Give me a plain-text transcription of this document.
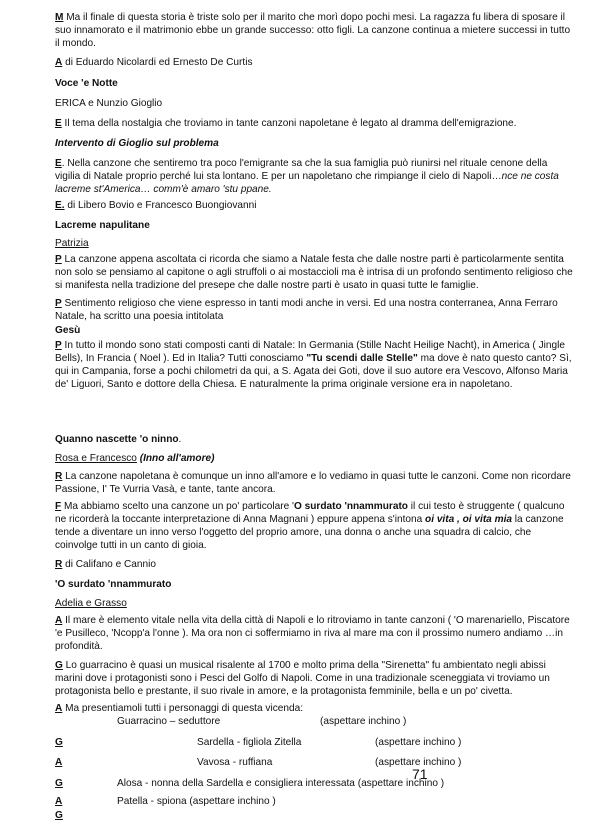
M Ma il finale di questa storia è triste solo per il marito che morì dopo pochi mesi. La ragazza fu libera di sposare il suo innamorato e il matrimonio ebbe un grande successo: otto figli. La canzone continua a mietere successi in tutto il mondo.

A di Eduardo Nicolardi ed Ernesto De Curtis

Voce 'e Notte

ERICA e Nunzio Gioglio

E Il tema della nostalgia che troviamo in tante canzoni napoletane è legato al dramma dell'emigrazione.

Intervento di Gioglio sul problema

E. Nella canzone che sentiremo tra poco l'emigrante sa che la sua famiglia può riunirsi nel rituale cenone della vigilia di Natale proprio perché lui sta lontano. E per un napoletano che rimpiange il cielo di Napoli…nce ne costa lacreme st'America… comm'è amaro 'stu ppane.

E. di Libero Bovio e Francesco Buongiovanni

Lacreme napulitane

Patrizia

P La canzone appena ascoltata ci ricorda che siamo a Natale festa che dalle nostre parti è particolarmente sentita non solo se pensiamo al capitone o agli struffoli o ai mostaccioli ma è intrisa di un profondo sentimento religioso che si manifesta nella tradizione del presepe che dalle nostre parti è usato in quasi tutte le famiglie.

P Sentimento religioso che viene espresso in tanti modi anche in versi. Ed una nostra conterranea, Anna Ferraro Natale, ha scritto una poesia intitolata

Gesù

P In tutto il mondo sono stati composti canti di Natale: In Germania (Stille Nacht Heilige Nacht), in America ( Jingle Bells), In Francia ( Noel ). Ed in Italia? Tutti conosciamo "Tu scendi dalle Stelle" ma dove è nato questo canto? Sì, qui in Campania, forse a pochi chilometri da qui, a S. Agata dei Goti, dove il suo autore era Vescovo, Alfonso Maria de' Liguori, Santo e dottore della Chiesa. E naturalmente la prima originale versione era in napoletano.

Quanno nascette 'o ninno.

Rosa e Francesco (Inno all'amore)

R La canzone napoletana è comunque un inno all'amore e lo vediamo in quasi tutte le canzoni. Come non ricordare Passione, I' Te Vurria Vasà, e tante, tante ancora.

F Ma abbiamo scelto una canzone un po' particolare 'O surdato 'nnammurato il cui testo è struggente ( qualcuno ne ricorderà la toccante interpretazione di Anna Magnani ) eppure appena s'intona oi vita , oi vita mia la canzone tende a diventare un inno verso l'oggetto del proprio amore, una donna o anche una squadra di calcio, che coinvolge tutti in un canto di gioia.

R di Califano e Cannio

'O surdato 'nnammurato

Adelia e Grasso

A Il mare è elemento vitale nella vita della città di Napoli e lo ritroviamo in tante canzoni ( 'O marenariello, Piscatore 'e Pusilleco, 'Ncopp'a l'onne ). Ma ora non ci soffermiamo in riva al mare ma con il prossimo numero andiamo …in profondità.

G Lo guarracino è quasi un musical risalente al 1700 e molto prima della "Sirenetta" fu ambientato negli abissi marini dove i protagonisti sono i Pesci del Golfo di Napoli. Come in una tradizionale sceneggiata vi troviamo un protagonista bello e prestante, il suo rivale in amore, e la protagonista femminile, bella e un po' civetta.

A Ma presentiamoli tutti i personaggi di questa vicenda:

Guarracino – seduttore	(aspettare inchino )
G	Sardella - figliola Zitella	(aspettare inchino )
A	Vavosa - ruffiana	(aspettare inchino )
G	Alosa - nonna della Sardella e consigliera interessata (aspettare inchino )
A	Patella - spiona (aspettare inchino )
G
71
